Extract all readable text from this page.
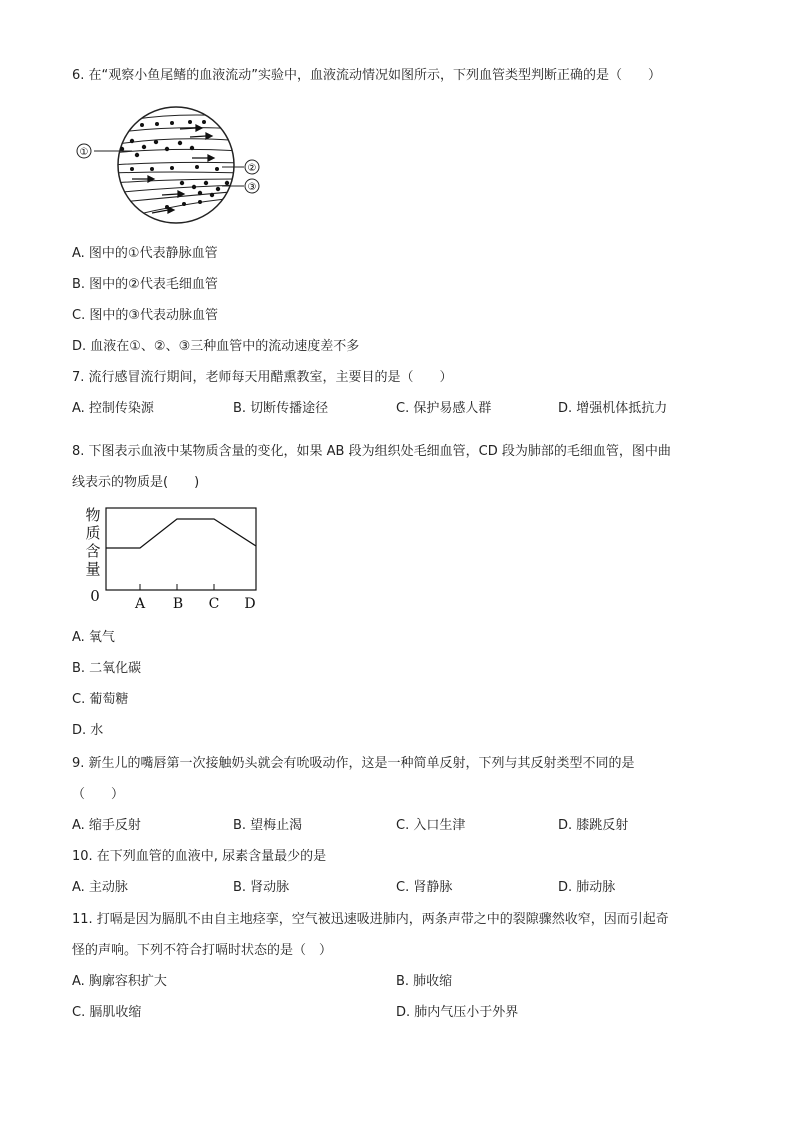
6. 在“观察小鱼尾鳍的血液流动”实验中，血液流动情况如图所示，下列血管类型判断正确的是（　　）
①
②
③
A. 图中的①代表静脉血管
B. 图中的②代表毛细血管
C. 图中的③代表动脉血管
D. 血液在①、②、③三种血管中的流动速度差不多
7. 流行感冒流行期间，老师每天用醋熏教室，主要目的是（　　）
A. 控制传染源	B. 切断传播途径	C. 保护易感人群	D. 增强机体抵抗力
8. 下图表示血液中某物质含量的变化，如果 AB 段为组织处毛细血管，CD 段为肺部的毛细血管，图中曲
线表示的物质是(　　)
物
质
含
量
0	A B C D
A. 氧气
B. 二氧化碳
C. 葡萄糖
D. 水
9. 新生儿的嘴唇第一次接触奶头就会有吮吸动作，这是一种简单反射，下列与其反射类型不同的是
（　　）
A. 缩手反射	B. 望梅止渴	C. 入口生津	D. 膝跳反射
10. 在下列血管的血液中, 尿素含量最少的是
A. 主动脉	B. 肾动脉	C. 肾静脉	D. 肺动脉
11. 打嗝是因为膈肌不由自主地痉挛，空气被迅速吸进肺内，两条声带之中的裂隙骤然收窄，因而引起奇
怪的声响。下列不符合打嗝时状态的是（　）
A. 胸廓容积扩大	B. 肺收缩
C. 膈肌收缩	D. 肺内气压小于外界
